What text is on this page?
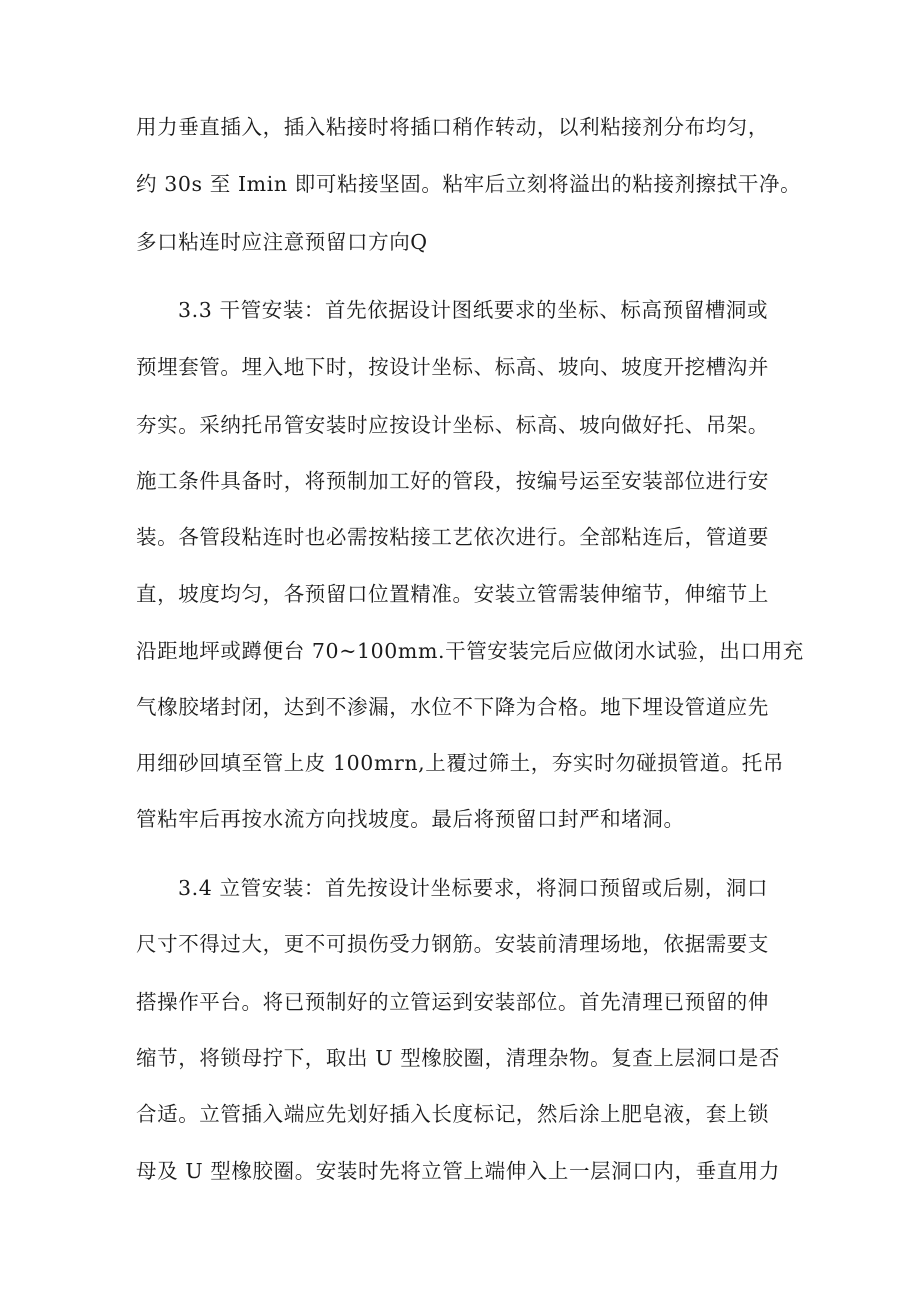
用力垂直插入，插入粘接时将插口稍作转动，以利粘接剂分布均匀，
约 30s 至 Imin 即可粘接坚固。粘牢后立刻将溢出的粘接剂擦拭干净。
多口粘连时应注意预留口方向Q
3.3 干管安装：首先依据设计图纸要求的坐标、标高预留槽洞或
预埋套管。埋入地下时，按设计坐标、标高、坡向、坡度开挖槽沟并
夯实。采纳托吊管安装时应按设计坐标、标高、坡向做好托、吊架。
施工条件具备时，将预制加工好的管段，按编号运至安装部位进行安
装。各管段粘连时也必需按粘接工艺依次进行。全部粘连后，管道要
直，坡度均匀，各预留口位置精准。安装立管需装伸缩节，伸缩节上
沿距地坪或蹲便台 70~100mm.干管安装完后应做闭水试验，出口用充
气橡胶堵封闭，达到不渗漏，水位不下降为合格。地下埋设管道应先
用细砂回填至管上皮 100mrn,上覆过筛土，夯实时勿碰损管道。托吊
管粘牢后再按水流方向找坡度。最后将预留口封严和堵洞。
3.4 立管安装：首先按设计坐标要求，将洞口预留或后剔，洞口
尺寸不得过大，更不可损伤受力钢筋。安装前清理场地，依据需要支
搭操作平台。将已预制好的立管运到安装部位。首先清理已预留的伸
缩节，将锁母拧下，取出 U 型橡胶圈，清理杂物。复查上层洞口是否
合适。立管插入端应先划好插入长度标记，然后涂上肥皂液，套上锁
母及 U 型橡胶圈。安装时先将立管上端伸入上一层洞口内，垂直用力
